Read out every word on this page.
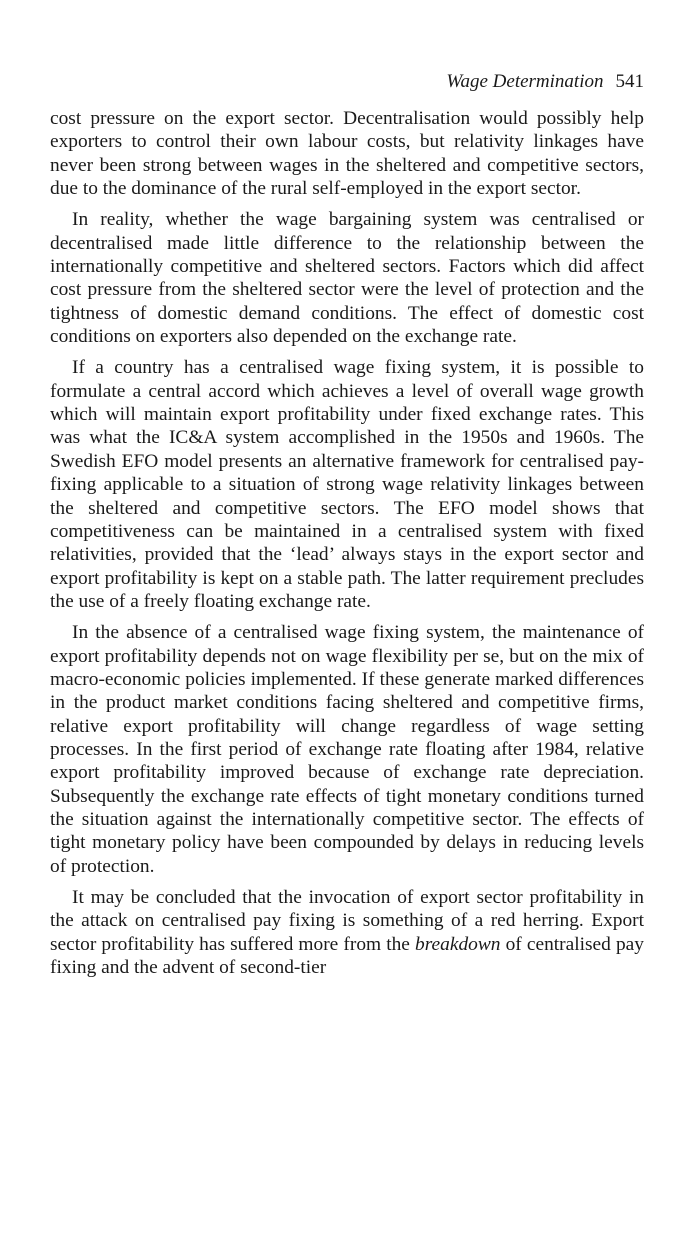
Wage Determination 541

cost pressure on the export sector. Decentralisation would possibly help exporters to control their own labour costs, but relativity linkages have never been strong between wages in the sheltered and competitive sectors, due to the dominance of the rural self-employed in the export sector.

In reality, whether the wage bargaining system was centralised or decentralised made little difference to the relationship between the internationally competitive and sheltered sectors. Factors which did affect cost pressure from the sheltered sector were the level of protection and the tightness of domestic demand conditions. The effect of domestic cost conditions on exporters also depended on the exchange rate.

If a country has a centralised wage fixing system, it is possible to formulate a central accord which achieves a level of overall wage growth which will maintain export profitability under fixed exchange rates. This was what the IC&A system accomplished in the 1950s and 1960s. The Swedish EFO model presents an alternative framework for centralised pay-fixing applicable to a situation of strong wage relativity linkages between the sheltered and competitive sectors. The EFO model shows that competitiveness can be maintained in a centralised system with fixed relativities, provided that the ‘lead’ always stays in the export sector and export profitability is kept on a stable path. The latter requirement precludes the use of a freely floating exchange rate.

In the absence of a centralised wage fixing system, the maintenance of export profitability depends not on wage flexibility per se, but on the mix of macro-economic policies implemented. If these generate marked differences in the product market conditions facing sheltered and competitive firms, relative export profitability will change regardless of wage setting processes. In the first period of exchange rate floating after 1984, relative export profitability improved because of exchange rate depreciation. Subsequently the exchange rate effects of tight monetary conditions turned the situation against the internationally competitive sector. The effects of tight monetary policy have been compounded by delays in reducing levels of protection.

It may be concluded that the invocation of export sector profitability in the attack on centralised pay fixing is something of a red herring. Export sector profitability has suffered more from the breakdown of centralised pay fixing and the advent of second-tier
